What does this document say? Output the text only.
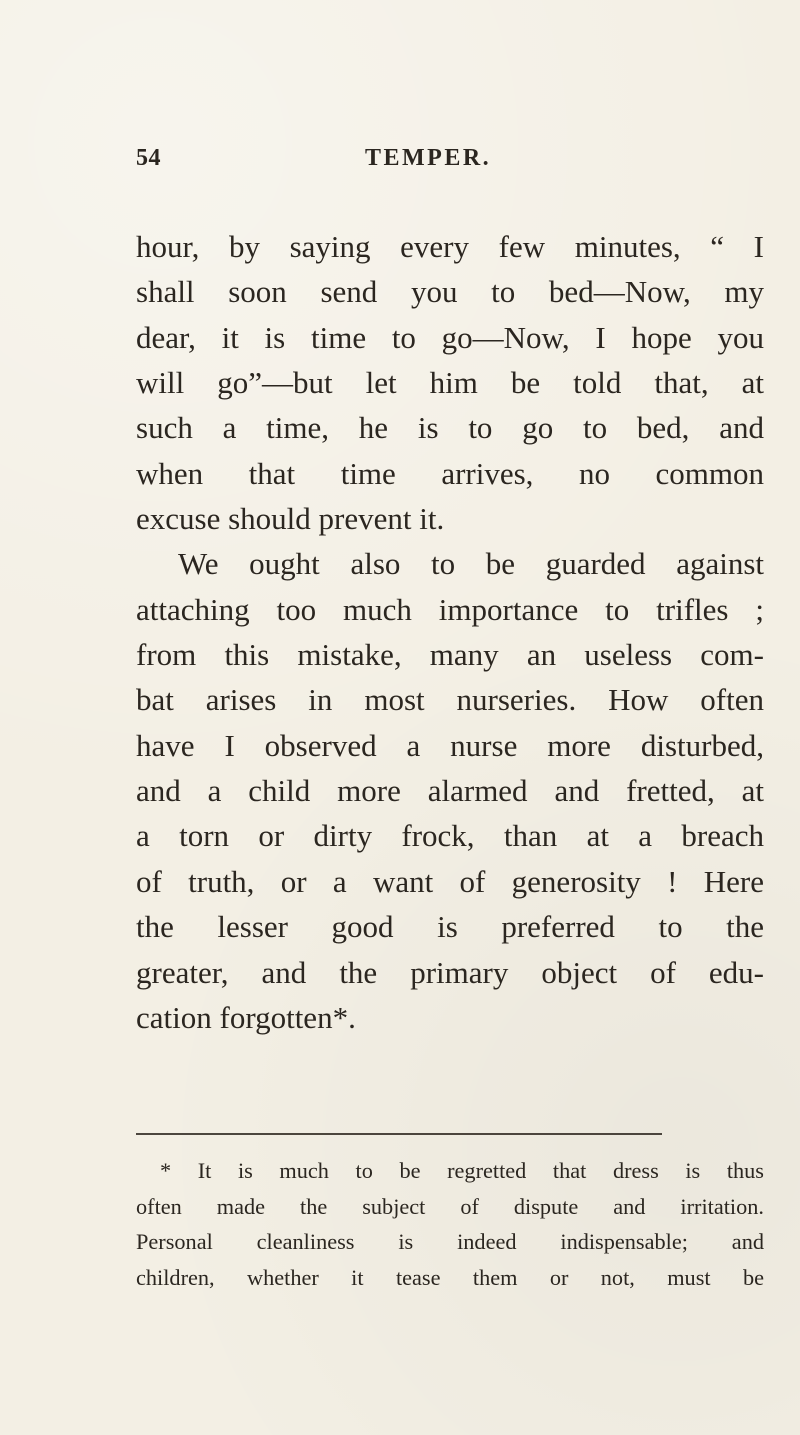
54	TEMPER.
hour, by saying every few minutes, “ I
shall soon send you to bed—Now, my
dear, it is time to go—Now, I hope you
will go”—but let him be told that, at
such a time, he is to go to bed, and
when that time arrives, no common
excuse should prevent it.
We ought also to be guarded against
attaching too much importance to trifles ;
from this mistake, many an useless com-
bat arises in most nurseries. How often
have I observed a nurse more disturbed,
and a child more alarmed and fretted, at
a torn or dirty frock, than at a breach
of truth, or a want of generosity ! Here
the lesser good is preferred to the
greater, and the primary object of edu-
cation forgotten*.
* It is much to be regretted that dress is thus
often made the subject of dispute and irritation.
Personal cleanliness is indeed indispensable; and
children, whether it tease them or not, must be
